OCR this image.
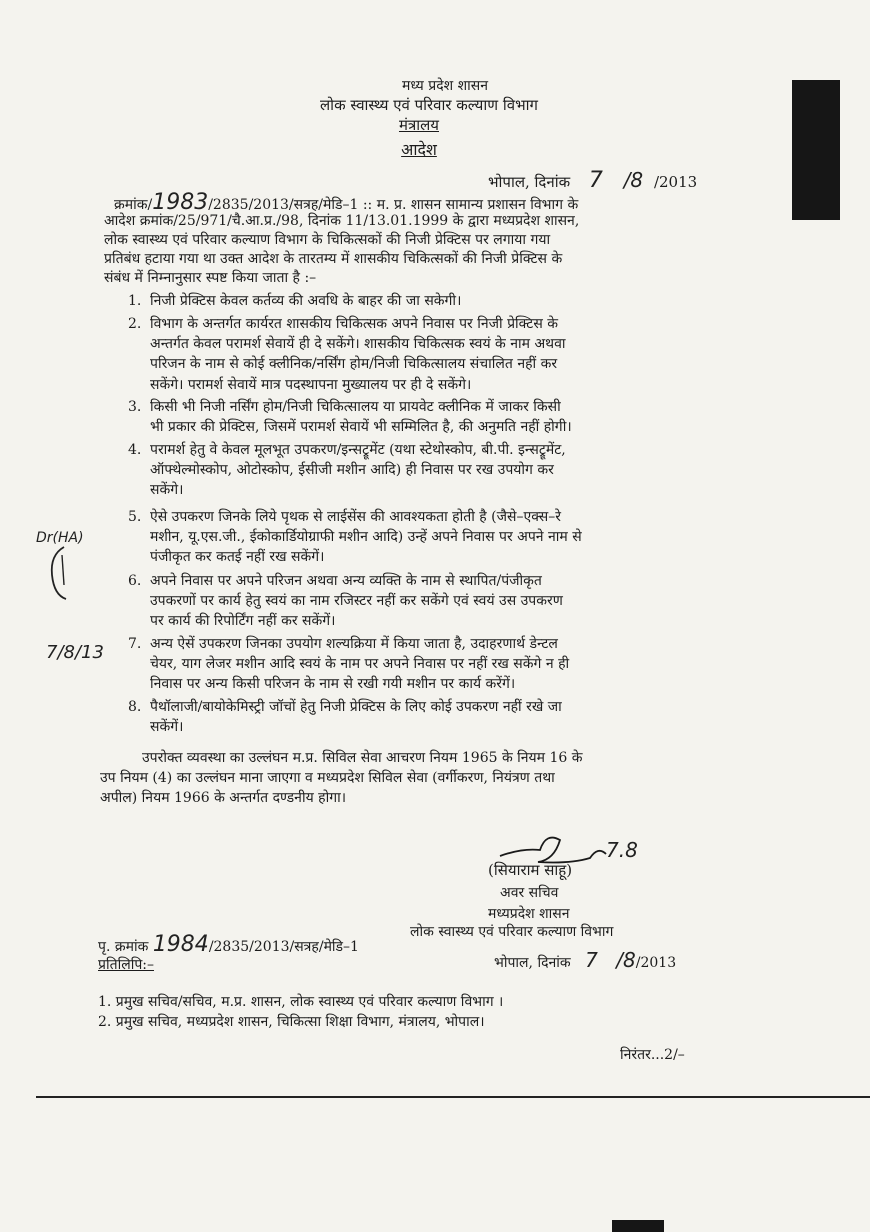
मध्य प्रदेश शासन
लोक स्वास्थ्य एवं परिवार कल्याण विभाग
मंत्रालय
आदेश
भोपाल, दिनांक 7 /8 /2013
क्रमांक/1983/2835/2013/सत्रह/मेडि–1 :: म. प्र. शासन सामान्य प्रशासन विभाग के
आदेश क्रमांक/25/971/चै.आ.प्र./98, दिनांक 11/13.01.1999 के द्वारा मध्यप्रदेश शासन,
लोक स्वास्थ्य एवं परिवार कल्याण विभाग के चिकित्सकों की निजी प्रेक्टिस पर लगाया गया
प्रतिबंध हटाया गया था उक्त आदेश के तारतम्य में शासकीय चिकित्सकों की निजी प्रेक्टिस के
संबंध में निम्नानुसार स्पष्ट किया जाता है :–
1. निजी प्रेक्टिस केवल कर्तव्य की अवधि के बाहर की जा सकेगी।
2. विभाग के अन्तर्गत कार्यरत शासकीय चिकित्सक अपने निवास पर निजी प्रेक्टिस के
अन्तर्गत केवल परामर्श सेवायें ही दे सकेंगे। शासकीय चिकित्सक स्वयं के नाम अथवा
परिजन के नाम से कोई क्लीनिक/नर्सिंग होम/निजी चिकित्सालय संचालित नहीं कर
सकेंगे। परामर्श सेवायें मात्र पदस्थापना मुख्यालय पर ही दे सकेंगे।
3. किसी भी निजी नर्सिंग होम/निजी चिकित्सालय या प्रायवेट क्लीनिक में जाकर किसी
भी प्रकार की प्रेक्टिस, जिसमें परामर्श सेवायें भी सम्मिलित है, की अनुमति नहीं होगी।
4. परामर्श हेतु वे केवल मूलभूत उपकरण/इन्सट्रूमेंट (यथा स्टेथोस्कोप, बी.पी. इन्सट्रूमेंट,
ऑफ्थेल्मोस्कोप, ओटोस्कोप, ईसीजी मशीन आदि) ही निवास पर रख उपयोग कर
सकेंगे।
5. ऐसे उपकरण जिनके लिये पृथक से लाईसेंस की आवश्यकता होती है (जैसे–एक्स–रे
मशीन, यू.एस.जी., ईकोकार्डियोग्राफी मशीन आदि) उन्हें अपने निवास पर अपने नाम से
पंजीकृत कर कतई नहीं रख सकेंगें।
6. अपने निवास पर अपने परिजन अथवा अन्य व्यक्ति के नाम से स्थापित/पंजीकृत
उपकरणों पर कार्य हेतु स्वयं का नाम रजिस्टर नहीं कर सकेंगे एवं स्वयं उस उपकरण
पर कार्य की रिपोर्टिंग नहीं कर सकेंगें।
7. अन्य ऐसें उपकरण जिनका उपयोग शल्यक्रिया में किया जाता है, उदाहरणार्थ डेन्टल
चेयर, याग लेजर मशीन आदि स्वयं के नाम पर अपने निवास पर नहीं रख सकेंगे न ही
निवास पर अन्य किसी परिजन के नाम से रखी गयी मशीन पर कार्य करेंगें।
8. पैथॉलाजी/बायोकेमिस्ट्री जॉचों हेतु निजी प्रेक्टिस के लिए कोई उपकरण नहीं रखे जा
सकेंगें।
उपरोक्त व्यवस्था का उल्लंघन म.प्र. सिविल सेवा आचरण नियम 1965 के नियम 16 के
उप नियम (4) का उल्लंघन माना जाएगा व मध्यप्रदेश सिविल सेवा (वर्गीकरण, नियंत्रण तथा
अपील) नियम 1966 के अन्तर्गत दण्डनीय होगा।
Dr(HA)
7/8/13
7.8
(सियाराम साहू)
अवर सचिव
मध्यप्रदेश शासन
लोक स्वास्थ्य एवं परिवार कल्याण विभाग
पृ. क्रमांक 1984/2835/2013/सत्रह/मेडि–1
भोपाल, दिनांक 7 /8/2013
प्रतिलिपि:–
1. प्रमुख सचिव/सचिव, म.प्र. शासन, लोक स्वास्थ्य एवं परिवार कल्याण विभाग ।
2. प्रमुख सचिव, मध्यप्रदेश शासन, चिकित्सा शिक्षा विभाग, मंत्रालय, भोपाल।
निरंतर...2/–
